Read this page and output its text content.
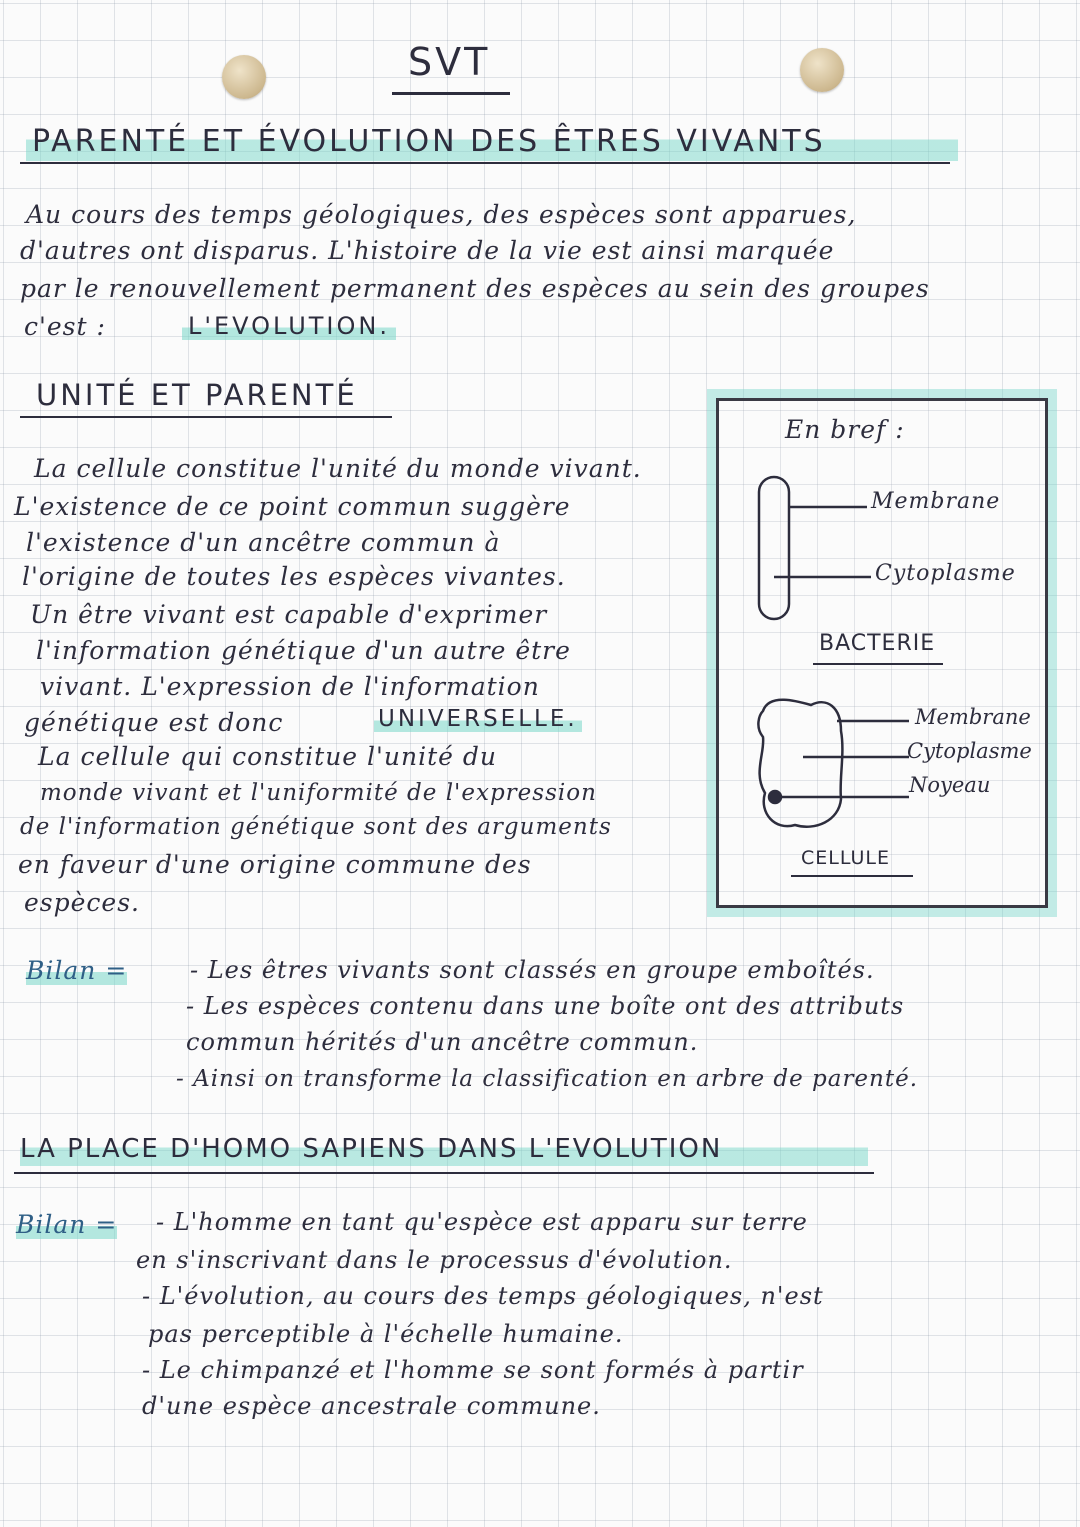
SVT
PARENTÉ ET ÉVOLUTION DES ÊTRES VIVANTS
Au cours des temps géologiques, des espèces sont apparues,
d'autres ont disparus. L'histoire de la vie est ainsi marquée
par le renouvellement permanent des espèces au sein des groupes
c'est :	L'EVOLUTION.
UNITÉ ET PARENTÉ
La cellule constitue l'unité du monde vivant.
L'existence de ce point commun suggère
l'existence d'un ancêtre commun à
l'origine de toutes les espèces vivantes.
Un être vivant est capable d'exprimer
l'information génétique d'un autre être
vivant. L'expression de l'information
génétique est donc	UNIVERSELLE.
La cellule qui constitue l'unité du
monde vivant et l'uniformité de l'expression
de l'information génétique sont des arguments
en faveur d'une origine commune des
espèces.
En bref :
Membrane
Cytoplasme
BACTERIE
Membrane
Cytoplasme
Noyeau
CELLULE
Bilan =	- Les êtres vivants sont classés en groupe emboîtés.
- Les espèces contenu dans une boîte ont des attributs
commun hérités d'un ancêtre commun.
- Ainsi on transforme la classification en arbre de parenté.
LA PLACE D'HOMO SAPIENS DANS L'EVOLUTION
Bilan = - L'homme en tant qu'espèce est apparu sur terre
en s'inscrivant dans le processus d'évolution.
- L'évolution, au cours des temps géologiques, n'est
pas perceptible à l'échelle humaine.
- Le chimpanzé et l'homme se sont formés à partir
d'une espèce ancestrale commune.
